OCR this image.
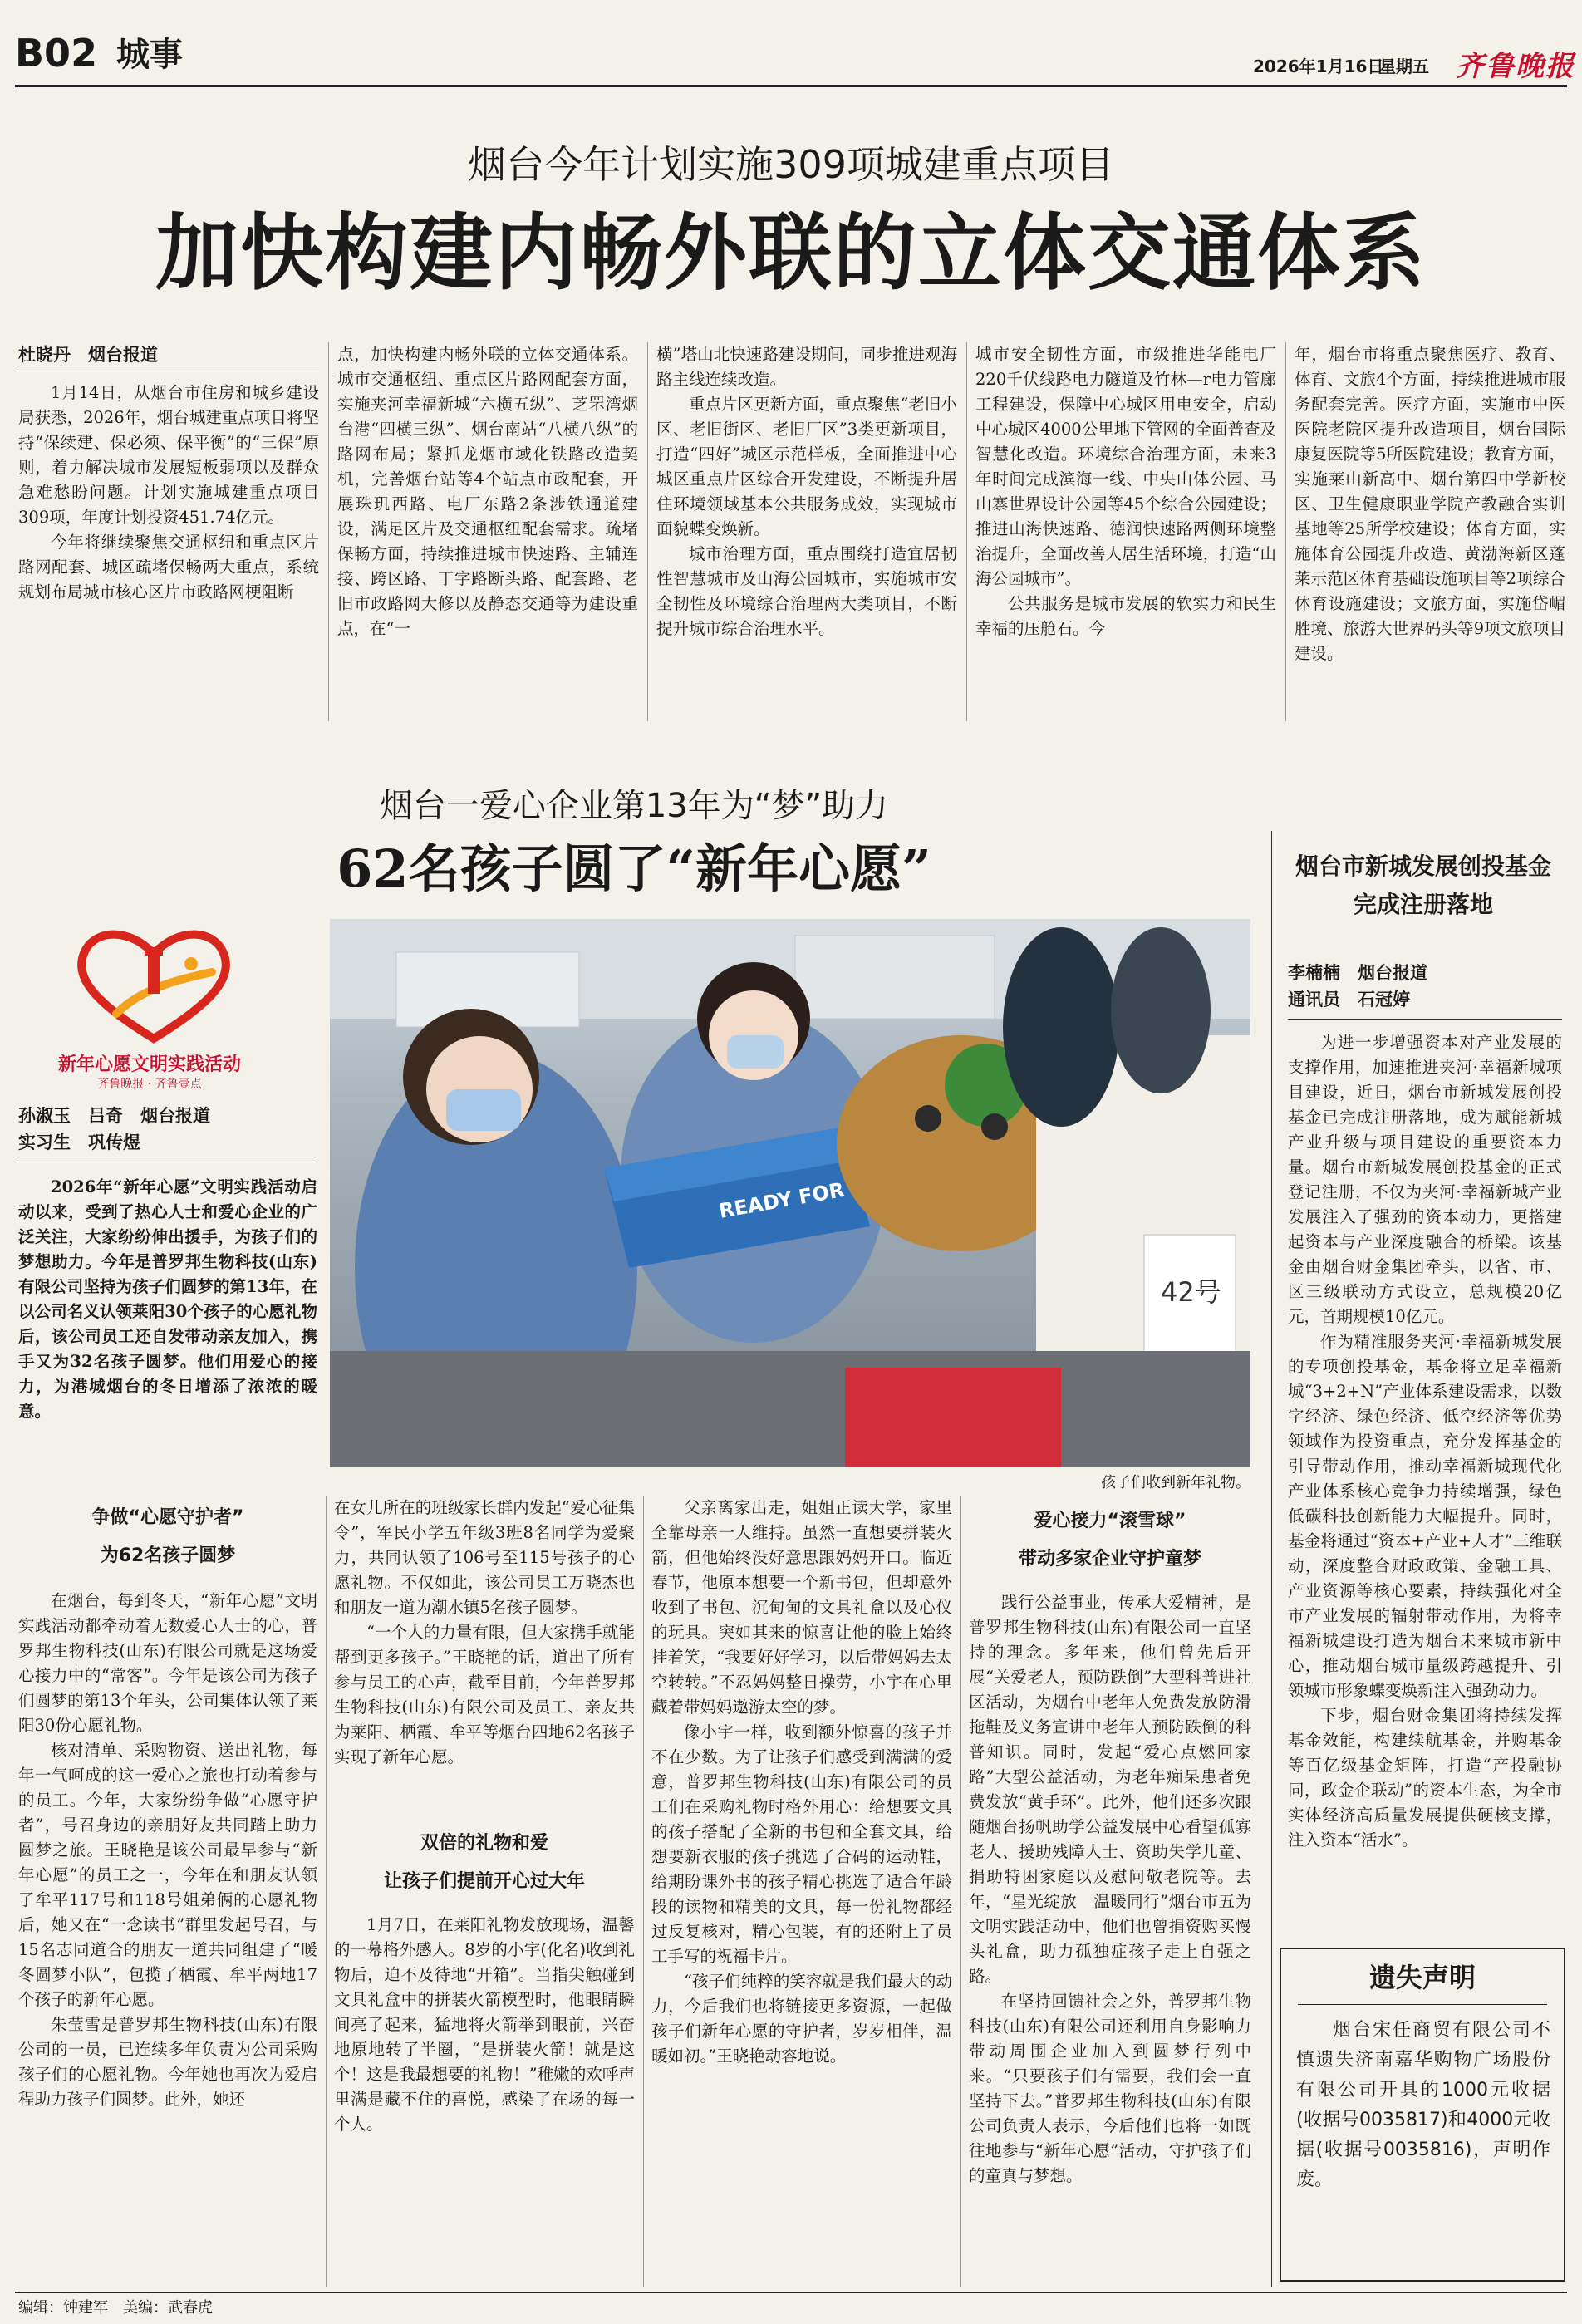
B02 城事	2026年1月16日
星期五 齐鲁晚报
烟台今年计划实施309项城建重点项目
加快构建内畅外联的立体交通体系
杜晓丹　烟台报道

1月14日，从烟台市住房和城乡建设局获悉，2026年，烟台城建重点项目将坚持“保续建、保必须、保平衡”的“三保”原则，着力解决城市发展短板弱项以及群众急难愁盼问题。计划实施城建重点项目309项，年度计划投资451.74亿元。

今年将继续聚焦交通枢纽和重点区片路网配套、城区疏堵保畅两大重点，系统规划布局城市核心区片市政路网梗阻断

点，加快构建内畅外联的立体交通体系。城市交通枢纽、重点区片路网配套方面，实施夹河幸福新城“六横五纵”、芝罘湾烟台港“四横三纵”、烟台南站“八横八纵”的路网布局；紧抓龙烟市域化铁路改造契机，完善烟台站等4个站点市政配套，开展珠玑西路、电厂东路2条涉铁通道建设，满足区片及交通枢纽配套需求。疏堵保畅方面，持续推进城市快速路、主辅连接、跨区路、丁字路断头路、配套路、老旧市政路网大修以及静态交通等为建设重点，在“一

横”塔山北快速路建设期间，同步推进观海路主线连续改造。

重点片区更新方面，重点聚焦“老旧小区、老旧街区、老旧厂区”3类更新项目，打造“四好”城区示范样板，全面推进中心城区重点片区综合开发建设，不断提升居住环境领域基本公共服务成效，实现城市面貌蝶变焕新。

城市治理方面，重点围绕打造宜居韧性智慧城市及山海公园城市，实施城市安全韧性及环境综合治理两大类项目，不断提升城市综合治理水平。

城市安全韧性方面，市级推进华能电厂220千伏线路电力隧道及竹林—r电力管廊工程建设，保障中心城区用电安全，启动中心城区4000公里地下管网的全面普查及智慧化改造。环境综合治理方面，未来3年时间完成滨海一线、中央山体公园、马山寨世界设计公园等45个综合公园建设；推进山海快速路、德润快速路两侧环境整治提升，全面改善人居生活环境，打造“山海公园城市”。

公共服务是城市发展的软实力和民生幸福的压舱石。今

年，烟台市将重点聚焦医疗、教育、体育、文旅4个方面，持续推进城市服务配套完善。医疗方面，实施市中医医院老院区提升改造项目，烟台国际康复医院等5所医院建设；教育方面，实施莱山新高中、烟台第四中学新校区、卫生健康职业学院产教融合实训基地等25所学校建设；体育方面，实施体育公园提升改造、黄渤海新区蓬莱示范区体育基础设施项目等2项综合体育设施建设；文旅方面，实施岱嵋胜境、旅游大世界码头等9项文旅项目建设。

烟台一爱心企业第13年为“梦”助力
62名孩子圆了“新年心愿”
新年心愿文明实践活动
齐鲁晚报 · 齐鲁壹点
孙淑玉　吕奇　烟台报道
实习生　巩传煜

2026年“新年心愿”文明实践活动启动以来，受到了热心人士和爱心企业的广泛关注，大家纷纷伸出援手，为孩子们的梦想助力。今年是普罗邦生物科技(山东)有限公司坚持为孩子们圆梦的第13年，在以公司名义认领莱阳30个孩子的心愿礼物后，该公司员工还自发带动亲友加入，携手又为32名孩子圆梦。他们用爱心的接力，为港城烟台的冬日增添了浓浓的暖意。

READY FOR
42号
孩子们收到新年礼物。
争做“心愿守护者”
为62名孩子圆梦

在烟台，每到冬天，“新年心愿”文明实践活动都牵动着无数爱心人士的心，普罗邦生物科技(山东)有限公司就是这场爱心接力中的“常客”。今年是该公司为孩子们圆梦的第13个年头，公司集体认领了莱阳30份心愿礼物。

核对清单、采购物资、送出礼物，每年一气呵成的这一爱心之旅也打动着参与的员工。今年，大家纷纷争做“心愿守护者”，号召身边的亲朋好友共同踏上助力圆梦之旅。王晓艳是该公司最早参与“新年心愿”的员工之一，今年在和朋友认领了牟平117号和118号姐弟俩的心愿礼物后，她又在“一念读书”群里发起号召，与15名志同道合的朋友一道共同组建了“暖冬圆梦小队”，包揽了栖霞、牟平两地17个孩子的新年心愿。

朱莹雪是普罗邦生物科技(山东)有限公司的一员，已连续多年负责为公司采购孩子们的心愿礼物。今年她也再次为爱启程助力孩子们圆梦。此外，她还

在女儿所在的班级家长群内发起“爱心征集令”，军民小学五年级3班8名同学为爱聚力，共同认领了106号至115号孩子的心愿礼物。不仅如此，该公司员工万晓杰也和朋友一道为潮水镇5名孩子圆梦。

“一个人的力量有限，但大家携手就能帮到更多孩子。”王晓艳的话，道出了所有参与员工的心声，截至目前，今年普罗邦生物科技(山东)有限公司及员工、亲友共为莱阳、栖霞、牟平等烟台四地62名孩子实现了新年心愿。

双倍的礼物和爱
让孩子们提前开心过大年

1月7日，在莱阳礼物发放现场，温馨的一幕格外感人。8岁的小宇(化名)收到礼物后，迫不及待地“开箱”。当指尖触碰到文具礼盒中的拼装火箭模型时，他眼睛瞬间亮了起来，猛地将火箭举到眼前，兴奋地原地转了半圈，“是拼装火箭！就是这个！这是我最想要的礼物！”稚嫩的欢呼声里满是藏不住的喜悦，感染了在场的每一个人。

父亲离家出走，姐姐正读大学，家里全靠母亲一人维持。虽然一直想要拼装火箭，但他始终没好意思跟妈妈开口。临近春节，他原本想要一个新书包，但却意外收到了书包、沉甸甸的文具礼盒以及心仪的玩具。突如其来的惊喜让他的脸上始终挂着笑，“我要好好学习，以后带妈妈去太空转转。”不忍妈妈整日操劳，小宇在心里藏着带妈妈遨游太空的梦。

像小宇一样，收到额外惊喜的孩子并不在少数。为了让孩子们感受到满满的爱意，普罗邦生物科技(山东)有限公司的员工们在采购礼物时格外用心：给想要文具的孩子搭配了全新的书包和全套文具，给想要新衣服的孩子挑选了合码的运动鞋，给期盼课外书的孩子精心挑选了适合年龄段的读物和精美的文具，每一份礼物都经过反复核对，精心包装，有的还附上了员工手写的祝福卡片。

“孩子们纯粹的笑容就是我们最大的动力，今后我们也将链接更多资源，一起做孩子们新年心愿的守护者，岁岁相伴，温暖如初。”王晓艳动容地说。

爱心接力“滚雪球”
带动多家企业守护童梦

践行公益事业，传承大爱精神，是普罗邦生物科技(山东)有限公司一直坚持的理念。多年来，他们曾先后开展“关爱老人，预防跌倒”大型科普进社区活动，为烟台中老年人免费发放防滑拖鞋及义务宣讲中老年人预防跌倒的科普知识。同时，发起“爱心点燃回家路”大型公益活动，为老年痴呆患者免费发放“黄手环”。此外，他们还多次跟随烟台扬帆助学公益发展中心看望孤寡老人、援助残障人士、资助失学儿童、捐助特困家庭以及慰问敬老院等。去年，“星光绽放　温暖同行”烟台市五为文明实践活动中，他们也曾捐资购买慢头礼盒，助力孤独症孩子走上自强之路。

在坚持回馈社会之外，普罗邦生物科技(山东)有限公司还利用自身影响力带动周围企业加入到圆梦行列中来。“只要孩子们有需要，我们会一直坚持下去。”普罗邦生物科技(山东)有限公司负责人表示，今后他们也将一如既往地参与“新年心愿”活动，守护孩子们的童真与梦想。

烟台市新城发展创投基金
完成注册落地
李楠楠　烟台报道
通讯员　石冠婷

为进一步增强资本对产业发展的支撑作用，加速推进夹河·幸福新城项目建设，近日，烟台市新城发展创投基金已完成注册落地，成为赋能新城产业升级与项目建设的重要资本力量。烟台市新城发展创投基金的正式登记注册，不仅为夹河·幸福新城产业发展注入了强劲的资本动力，更搭建起资本与产业深度融合的桥梁。该基金由烟台财金集团牵头，以省、市、区三级联动方式设立，总规模20亿元，首期规模10亿元。

作为精准服务夹河·幸福新城发展的专项创投基金，基金将立足幸福新城“3+2+N”产业体系建设需求，以数字经济、绿色经济、低空经济等优势领域作为投资重点，充分发挥基金的引导带动作用，推动幸福新城现代化产业体系核心竞争力持续增强，绿色低碳科技创新能力大幅提升。同时，基金将通过“资本+产业+人才”三维联动，深度整合财政政策、金融工具、产业资源等核心要素，持续强化对全市产业发展的辐射带动作用，为将幸福新城建设打造为烟台未来城市新中心，推动烟台城市量级跨越提升、引领城市形象蝶变焕新注入强劲动力。

下步，烟台财金集团将持续发挥基金效能，构建续航基金，并购基金等百亿级基金矩阵，打造“产投融协同，政金企联动”的资本生态，为全市实体经济高质量发展提供硬核支撑，注入资本“活水”。

遗失声明
烟台宋任商贸有限公司不慎遗失济南嘉华购物广场股份有限公司开具的1000元收据(收据号0035817)和4000元收据(收据号0035816)，声明作废。
编辑：钟建军　美编：武春虎
